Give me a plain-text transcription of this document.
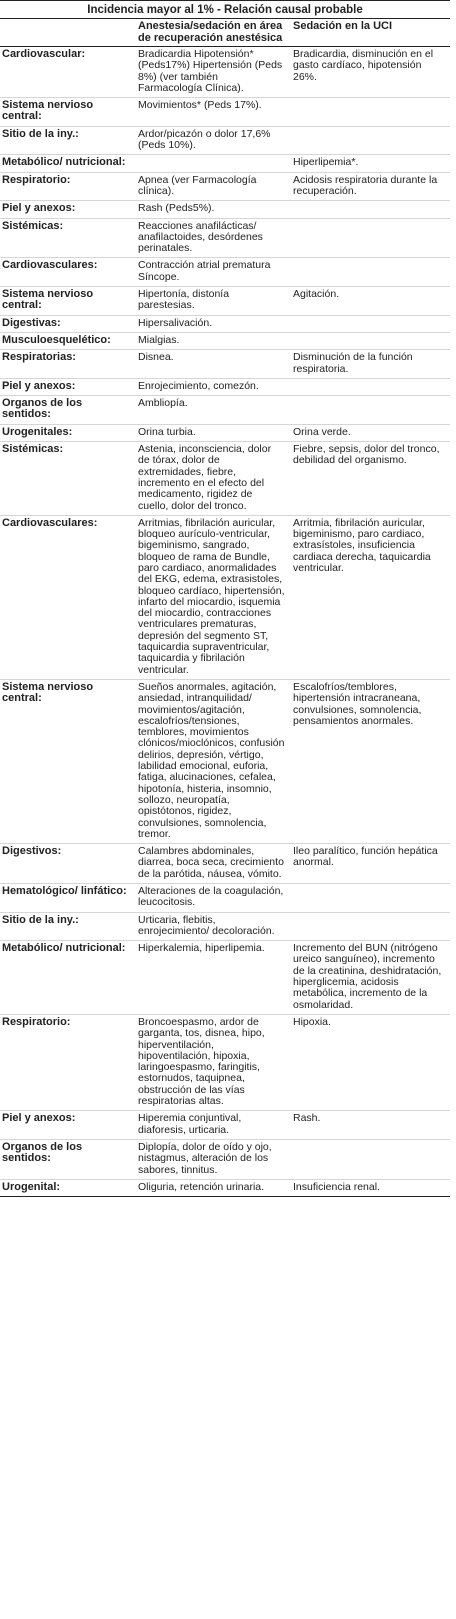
Incidencia mayor al 1% - Relación causal probable		
	Anestesia/sedación en área de recuperación anestésica	Sedación en la UCI
Cardiovascular:	Bradicardia Hipotensión* (Peds17%) Hipertensión (Peds 8%) (ver también Farmacología Clínica).	Bradicardia, disminución en el gasto cardíaco, hipotensión 26%.
Sistema nervioso central:	Movimientos* (Peds 17%).	
Sitio de la iny.:	Ardor/picazón o dolor 17,6% (Peds 10%).	
Metabólico/ nutricional:		Hiperlipemia*.
Respiratorio:	Apnea (ver Farmacología clínica).	Acidosis respiratoria durante la recuperación.
Piel y anexos:	Rash (Peds5%).	
Sistémicas:	Reacciones anafilácticas/ anafilactoides, desórdenes perinatales.	
Cardiovasculares:	Contracción atrial prematura Síncope.	
Sistema nervioso central:	Hipertonía, distonía parestesias.	Agitación.
Digestivas:	Hipersalivación.	
Musculoesquelético:	Mialgias.	
Respiratorias:	Disnea.	Disminución de la función respiratoria.
Piel y anexos:	Enrojecimiento, comezón.	
Organos de los sentidos:	Ambliopía.	
Urogenitales:	Orina turbia.	Orina verde.
Sistémicas:	Astenia, inconsciencia, dolor de tórax, dolor de extremidades, fiebre, incremento en el efecto del medicamento, rigidez de cuello, dolor del tronco.	Fiebre, sepsis, dolor del tronco, debilidad del organismo.
Cardiovasculares:	Arritmias, fibrilación auricular, bloqueo aurículo-ventricular, bigeminismo, sangrado, bloqueo de rama de Bundle, paro cardiaco, anormalidades del EKG, edema, extrasistoles, bloqueo cardíaco, hipertensión, infarto del miocardio, isquemia del miocardio, contracciones ventriculares prematuras, depresión del segmento ST, taquicardia supraventricular, taquicardia y fibrilación ventricular.	Arritmia, fibrilación auricular, bigeminismo, paro cardiaco, extrasístoles, insuficiencia cardiaca derecha, taquicardia ventricular.
Sistema nervioso central:	Sueños anormales, agitación, ansiedad, intranquilidad/ movimientos/agitación, escalofríos/tensiones, temblores, movimientos clónicos/mioclónicos, confusión delirios, depresión, vértigo, labilidad emocional, euforia, fatiga, alucinaciones, cefalea, hipotonía, histeria, insomnio, sollozo, neuropatía, opistótonos, rigidez, convulsiones, somnolencia, tremor.	Escalofríos/temblores, hipertensión intracraneana, convulsiones, somnolencia, pensamientos anormales.
Digestivos:	Calambres abdominales, diarrea, boca seca, crecimiento de la parótida, náusea, vómito.	Ileo paralítico, función hepática anormal.
Hematológico/ linfático:	Alteraciones de la coagulación, leucocitosis.	
Sitio de la iny.:	Urticaria, flebitis, enrojecimiento/ decoloración.	
Metabólico/ nutricional:	Hiperkalemia, hiperlipemia.	Incremento del BUN (nitrógeno ureico sanguíneo), incremento de la creatinina, deshidratación, hiperglicemia, acidosis metabólica, incremento de la osmolaridad.
Respiratorio:	Broncoespasmo, ardor de garganta, tos, disnea, hipo, hiperventilación, hipoventilación, hipoxia, laringoespasmo, faringitis, estornudos, taquipnea, obstrucción de las vías respiratorias altas.	Hipoxia.
Piel y anexos:	Hiperemia conjuntival, diaforesis, urticaria.	Rash.
Organos de los sentidos:	Diplopía, dolor de oído y ojo, nistagmus, alteración de los sabores, tinnitus.	
Urogenital:	Oliguria, retención urinaria.	Insuficiencia renal.
